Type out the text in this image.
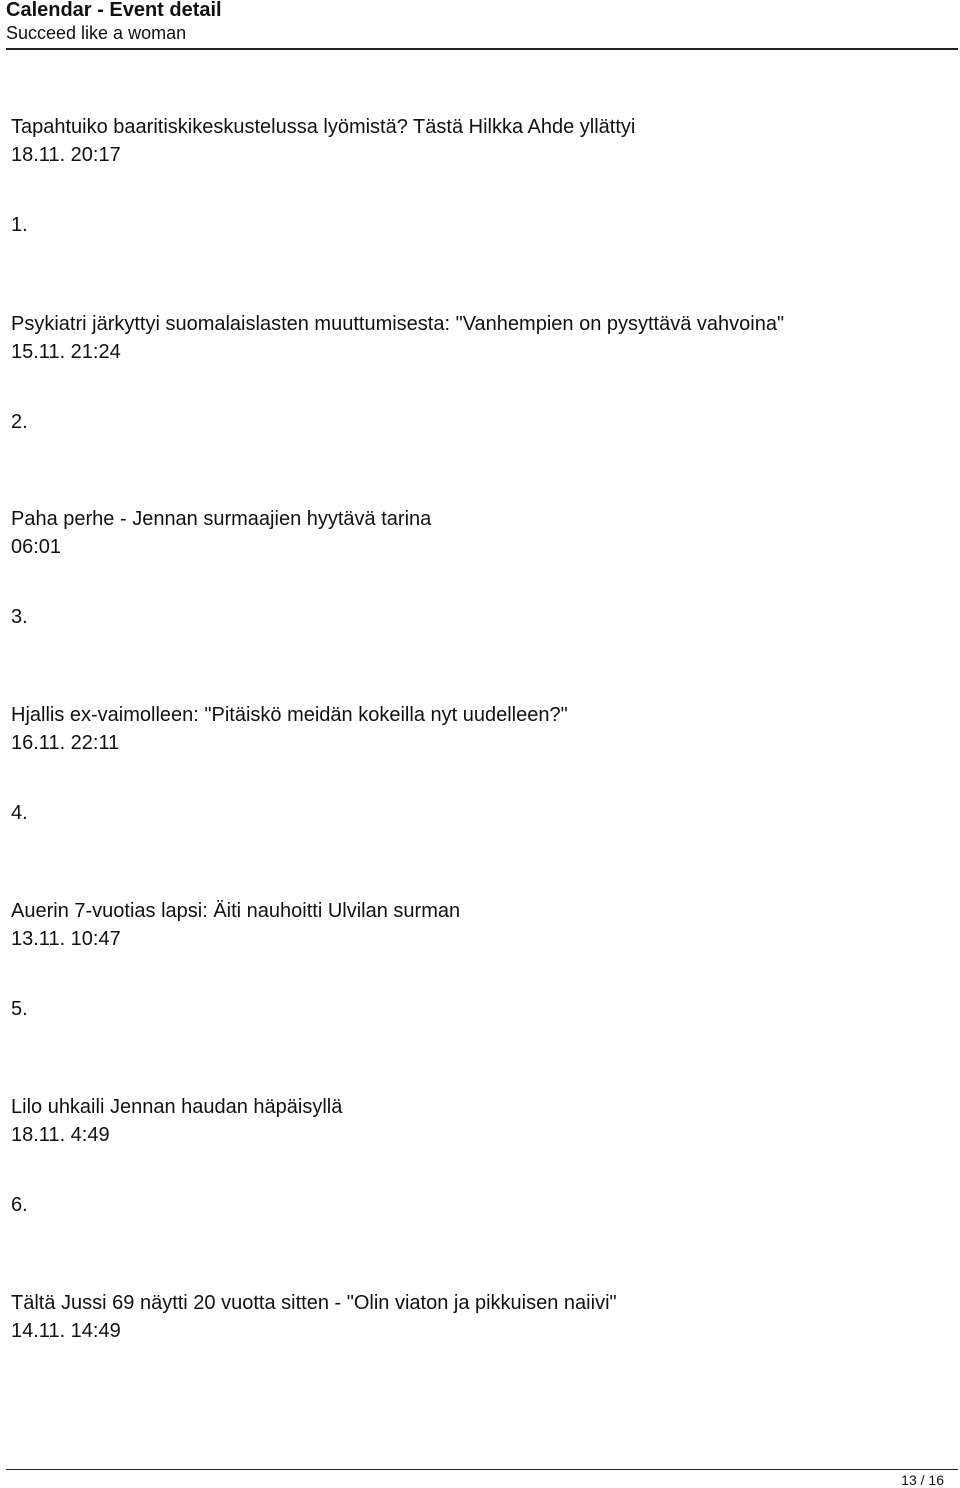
Calendar - Event detail
Succeed like a woman
Tapahtuiko baaritiskikeskustelussa lyömistä? Tästä Hilkka Ahde yllättyi
18.11. 20:17
1.
Psykiatri järkyttyi suomalaislasten muuttumisesta: "Vanhempien on pysyttävä vahvoina"
15.11. 21:24
2.
Paha perhe - Jennan surmaajien hyytävä tarina
06:01
3.
Hjallis ex-vaimolleen: "Pitäiskö meidän kokeilla nyt uudelleen?"
16.11. 22:11
4.
Auerin 7-vuotias lapsi: Äiti nauhoitti Ulvilan surman
13.11. 10:47
5.
Lilo uhkaili Jennan haudan häpäisyllä
18.11. 4:49
6.
Tältä Jussi 69 näytti 20 vuotta sitten - "Olin viaton ja pikkuisen naiivi"
14.11. 14:49
13 / 16
